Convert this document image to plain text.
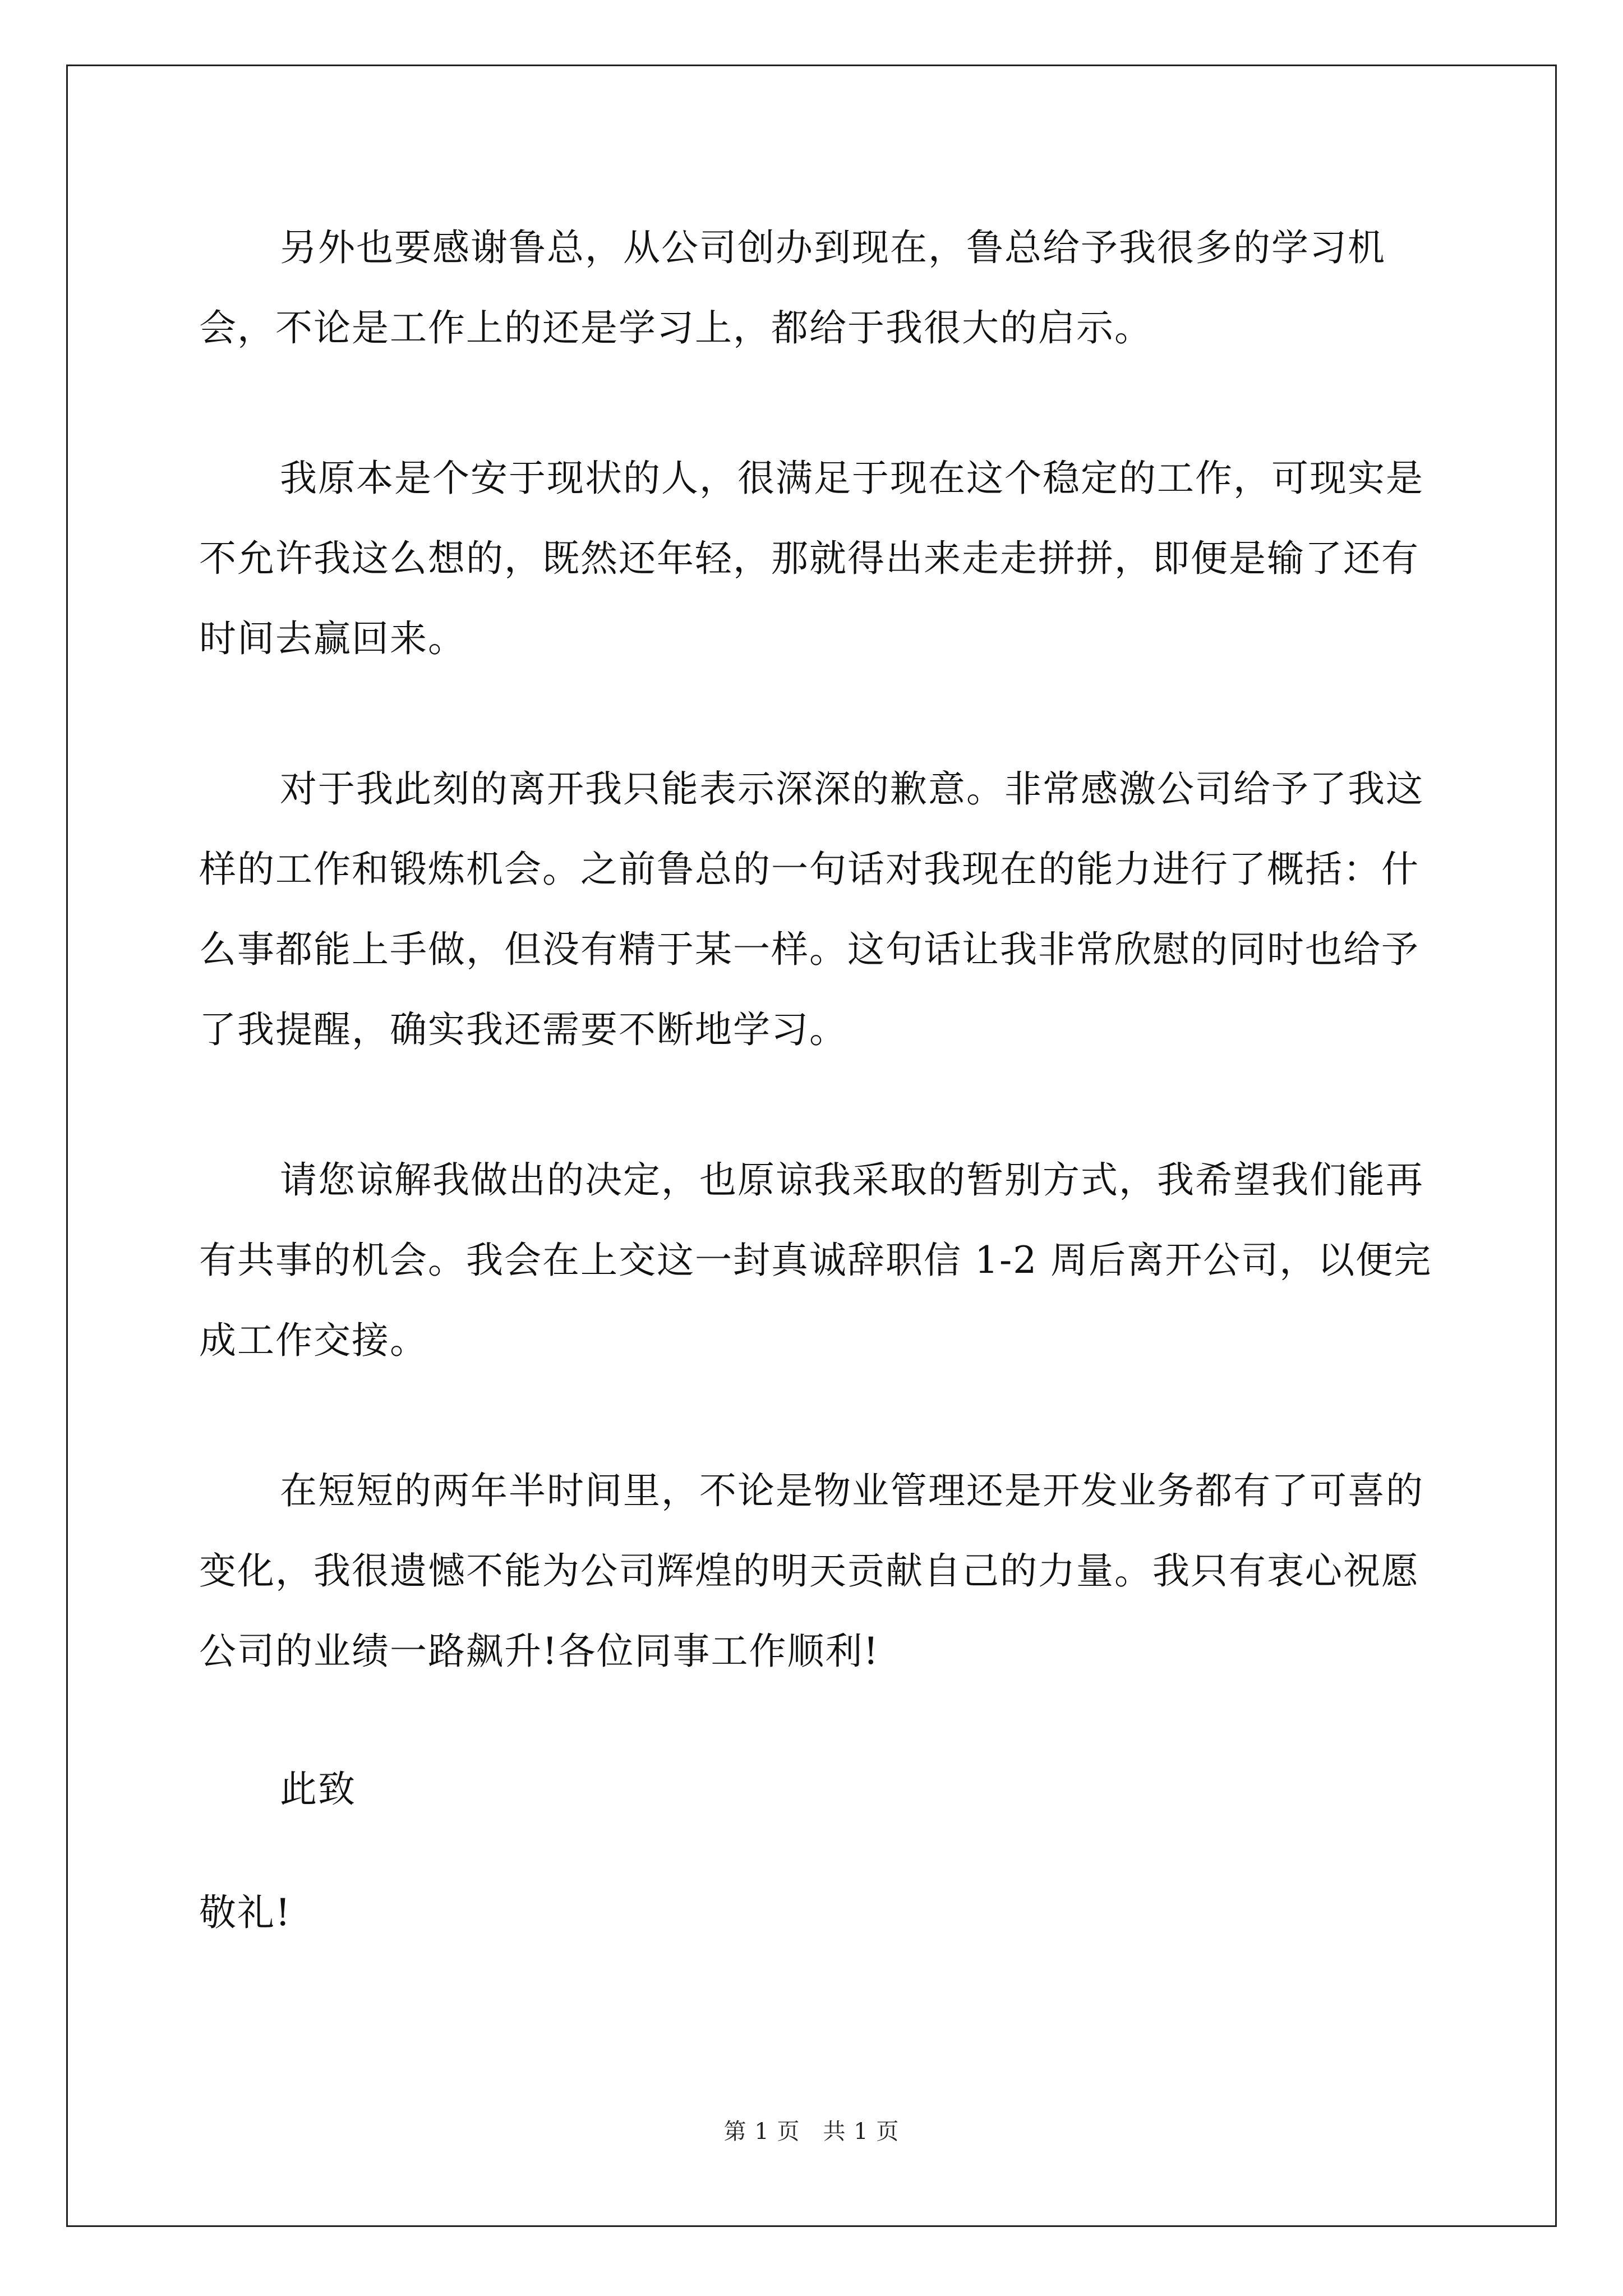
另外也要感谢鲁总，从公司创办到现在，鲁总给予我很多的学习机会，不论是工作上的还是学习上，都给于我很大的启示。

我原本是个安于现状的人，很满足于现在这个稳定的工作，可现实是不允许我这么想的，既然还年轻，那就得出来走走拼拼，即便是输了还有时间去赢回来。

对于我此刻的离开我只能表示深深的歉意。非常感激公司给予了我这样的工作和锻炼机会。之前鲁总的一句话对我现在的能力进行了概括：什么事都能上手做，但没有精于某一样。这句话让我非常欣慰的同时也给予了我提醒，确实我还需要不断地学习。

请您谅解我做出的决定，也原谅我采取的暂别方式，我希望我们能再有共事的机会。我会在上交这一封真诚辞职信 1-2 周后离开公司，以便完成工作交接。

在短短的两年半时间里，不论是物业管理还是开发业务都有了可喜的变化，我很遗憾不能为公司辉煌的明天贡献自己的力量。我只有衷心祝愿公司的业绩一路飙升!各位同事工作顺利!

此致

敬礼!

第 1 页　共 1 页
